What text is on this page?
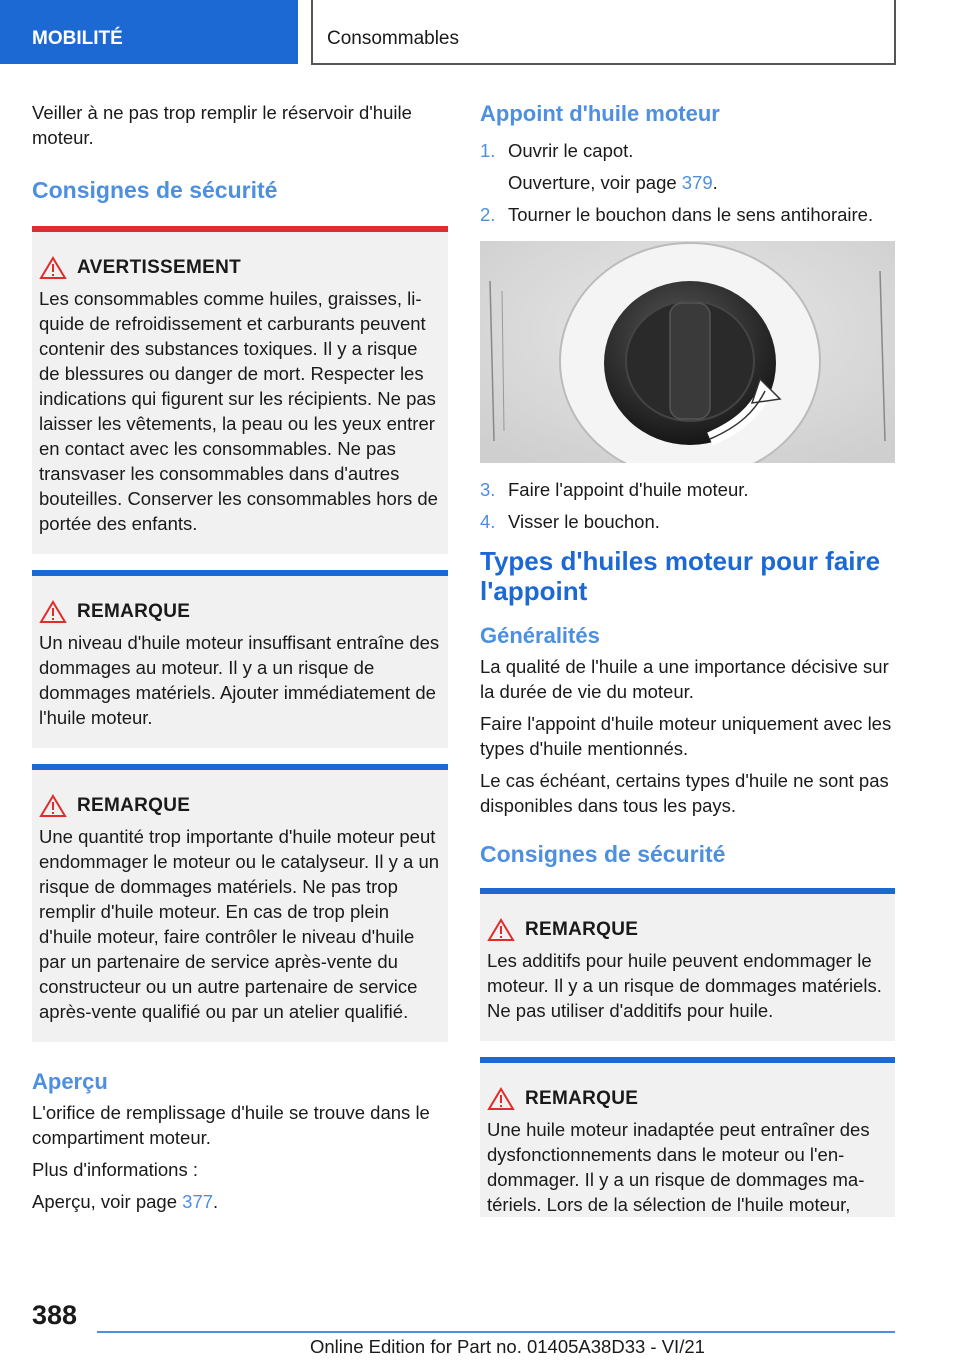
MOBILITÉ	Consommables

Veiller à ne pas trop remplir le réservoir d'huile moteur.

Consignes de sécurité
AVERTISSEMENT

Les consommables comme huiles, graisses, liquide de refroidissement et carburants peuvent contenir des substances toxiques. Il y a risque de blessures ou danger de mort. Respecter les indications qui figurent sur les récipients. Ne pas laisser les vêtements, la peau ou les yeux entrer en contact avec les consommables. Ne pas transvaser les consommables dans d'autres bouteilles. Conserver les consommables hors de portée des enfants.

REMARQUE

Un niveau d'huile moteur insuffisant entraîne des dommages au moteur. Il y a un risque de dommages matériels. Ajouter immédiatement de l'huile moteur.

REMARQUE

Une quantité trop importante d'huile moteur peut endommager le moteur ou le catalyseur. Il y a un risque de dommages matériels. Ne pas trop remplir d'huile moteur. En cas de trop plein d'huile moteur, faire contrôler le niveau d'huile par un partenaire de service après-vente du constructeur ou un autre partenaire de service après-vente qualifié ou par un atelier qualifié.

Aperçu

L'orifice de remplissage d'huile se trouve dans le compartiment moteur.

Plus d'informations :

Aperçu, voir page 377.

Appoint d'huile moteur
1. Ouvrir le capot.
Ouverture, voir page 379.
2. Tourner le bouchon dans le sens antihoraire.
3. Faire l'appoint d'huile moteur.
4. Visser le bouchon.
Types d'huiles moteur pour faire l'appoint
Généralités

La qualité de l'huile a une importance décisive sur la durée de vie du moteur.

Faire l'appoint d'huile moteur uniquement avec les types d'huile mentionnés.

Le cas échéant, certains types d'huile ne sont pas disponibles dans tous les pays.

Consignes de sécurité
REMARQUE

Les additifs pour huile peuvent endommager le moteur. Il y a un risque de dommages matériels. Ne pas utiliser d'additifs pour huile.

REMARQUE

Une huile moteur inadaptée peut entraîner des dysfonctionnements dans le moteur ou l'endommager. Il y a un risque de dommages matériels. Lors de la sélection de l'huile moteur,

388
Online Edition for Part no. 01405A38D33 - VI/21
